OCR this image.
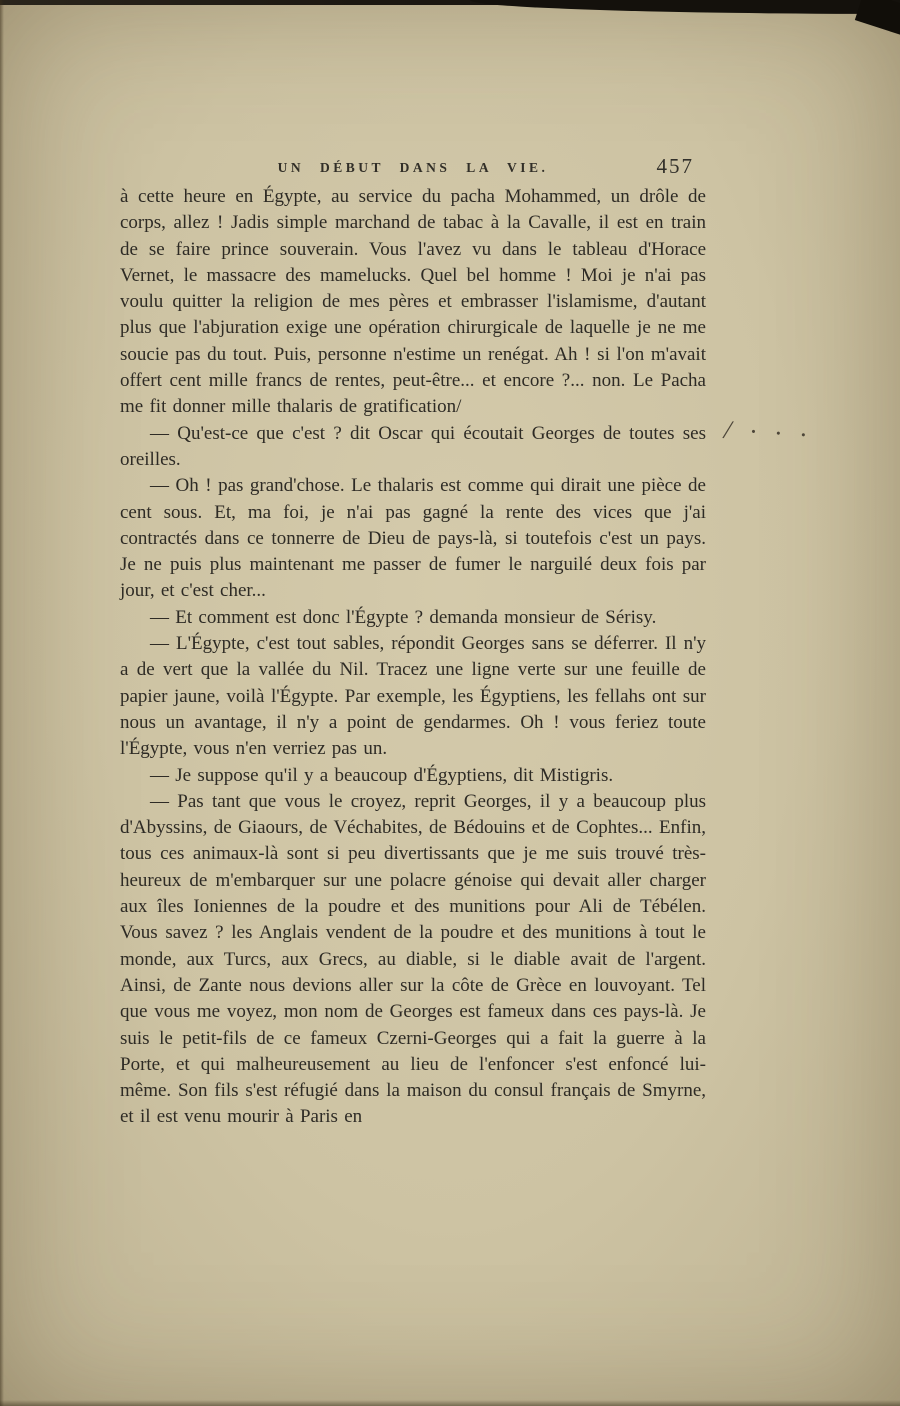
UN DÉBUT DANS LA VIE.	457

à cette heure en Égypte, au service du pacha Mohammed, un drôle de corps, allez ! Jadis simple marchand de tabac à la Cavalle, il est en train de se faire prince souverain. Vous l'avez vu dans le tableau d'Horace Vernet, le massacre des mamelucks. Quel bel homme ! Moi je n'ai pas voulu quitter la religion de mes pères et embrasser l'islamisme, d'autant plus que l'abjuration exige une opération chirurgicale de laquelle je ne me soucie pas du tout. Puis, personne n'estime un renégat. Ah ! si l'on m'avait offert cent mille francs de rentes, peut-être... et encore ?... non. Le Pacha me fit donner mille thalaris de gratification/

— Qu'est-ce que c'est ? dit Oscar qui écoutait Georges de toutes ses oreilles.

— Oh ! pas grand'chose. Le thalaris est comme qui dirait une pièce de cent sous. Et, ma foi, je n'ai pas gagné la rente des vices que j'ai contractés dans ce tonnerre de Dieu de pays-là, si toutefois c'est un pays. Je ne puis plus maintenant me passer de fumer le narguilé deux fois par jour, et c'est cher...

— Et comment est donc l'Égypte ? demanda monsieur de Sérisy.

— L'Égypte, c'est tout sables, répondit Georges sans se déferrer. Il n'y a de vert que la vallée du Nil. Tracez une ligne verte sur une feuille de papier jaune, voilà l'Égypte. Par exemple, les Égyptiens, les fellahs ont sur nous un avantage, il n'y a point de gendarmes. Oh ! vous feriez toute l'Égypte, vous n'en verriez pas un.

— Je suppose qu'il y a beaucoup d'Égyptiens, dit Mistigris.

— Pas tant que vous le croyez, reprit Georges, il y a beaucoup plus d'Abyssins, de Giaours, de Véchabites, de Bédouins et de Cophtes... Enfin, tous ces animaux-là sont si peu divertissants que je me suis trouvé très-heureux de m'embarquer sur une polacre génoise qui devait aller charger aux îles Ioniennes de la poudre et des munitions pour Ali de Tébélen. Vous savez ? les Anglais vendent de la poudre et des munitions à tout le monde, aux Turcs, aux Grecs, au diable, si le diable avait de l'argent. Ainsi, de Zante nous devions aller sur la côte de Grèce en louvoyant. Tel que vous me voyez, mon nom de Georges est fameux dans ces pays-là. Je suis le petit-fils de ce fameux Czerni-Georges qui a fait la guerre à la Porte, et qui malheureusement au lieu de l'enfoncer s'est enfoncé lui-même. Son fils s'est réfugié dans la maison du consul français de Smyrne, et il est venu mourir à Paris en

/ · · ·
